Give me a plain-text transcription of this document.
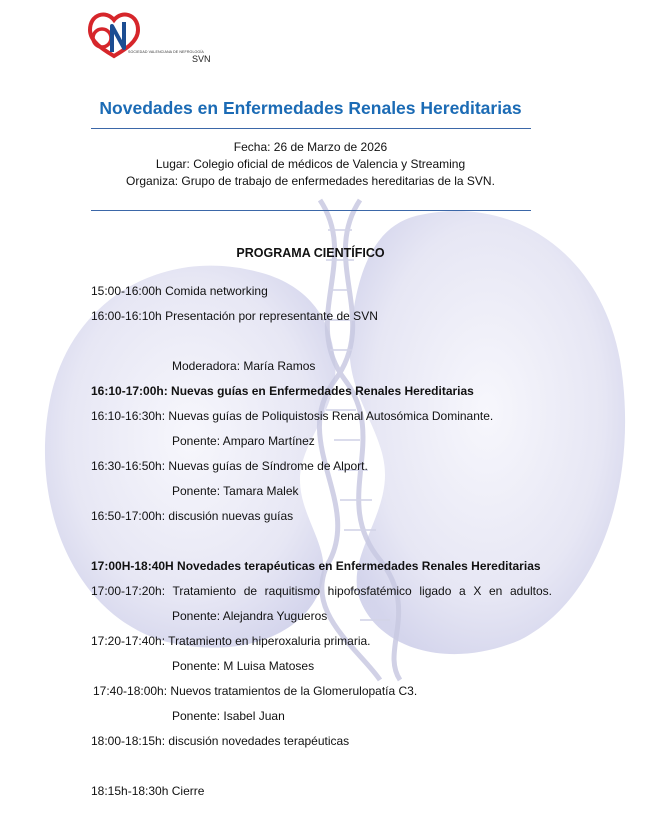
SOCIEDAD VALENCIANA DE NEFROLOGÍA
SVN
Novedades en Enfermedades Renales Hereditarias
Fecha: 26 de Marzo de 2026
Lugar: Colegio oficial de médicos de Valencia y Streaming
Organiza: Grupo de trabajo de enfermedades hereditarias de la SVN.
PROGRAMA CIENTÍFICO
15:00-16:00h Comida networking
16:00-16:10h Presentación por representante de SVN
Moderadora: María Ramos
16:10-17:00h: Nuevas guías en Enfermedades Renales Hereditarias
16:10-16:30h: Nuevas guías de Poliquistosis Renal Autosómica Dominante.
Ponente: Amparo Martínez
16:30-16:50h: Nuevas guías de Síndrome de Alport.
Ponente: Tamara Malek
16:50-17:00h: discusión nuevas guías
17:00H-18:40H Novedades terapéuticas en Enfermedades Renales Hereditarias
17:00-17:20h: Tratamiento de raquitismo hipofosfatémico ligado a X en adultos.
Ponente: Alejandra Yugueros
17:20-17:40h: Tratamiento en hiperoxaluria primaria.
Ponente: M Luisa Matoses
17:40-18:00h: Nuevos tratamientos de la Glomerulopatía C3.
Ponente: Isabel Juan
18:00-18:15h: discusión novedades terapéuticas
18:15h-18:30h Cierre
